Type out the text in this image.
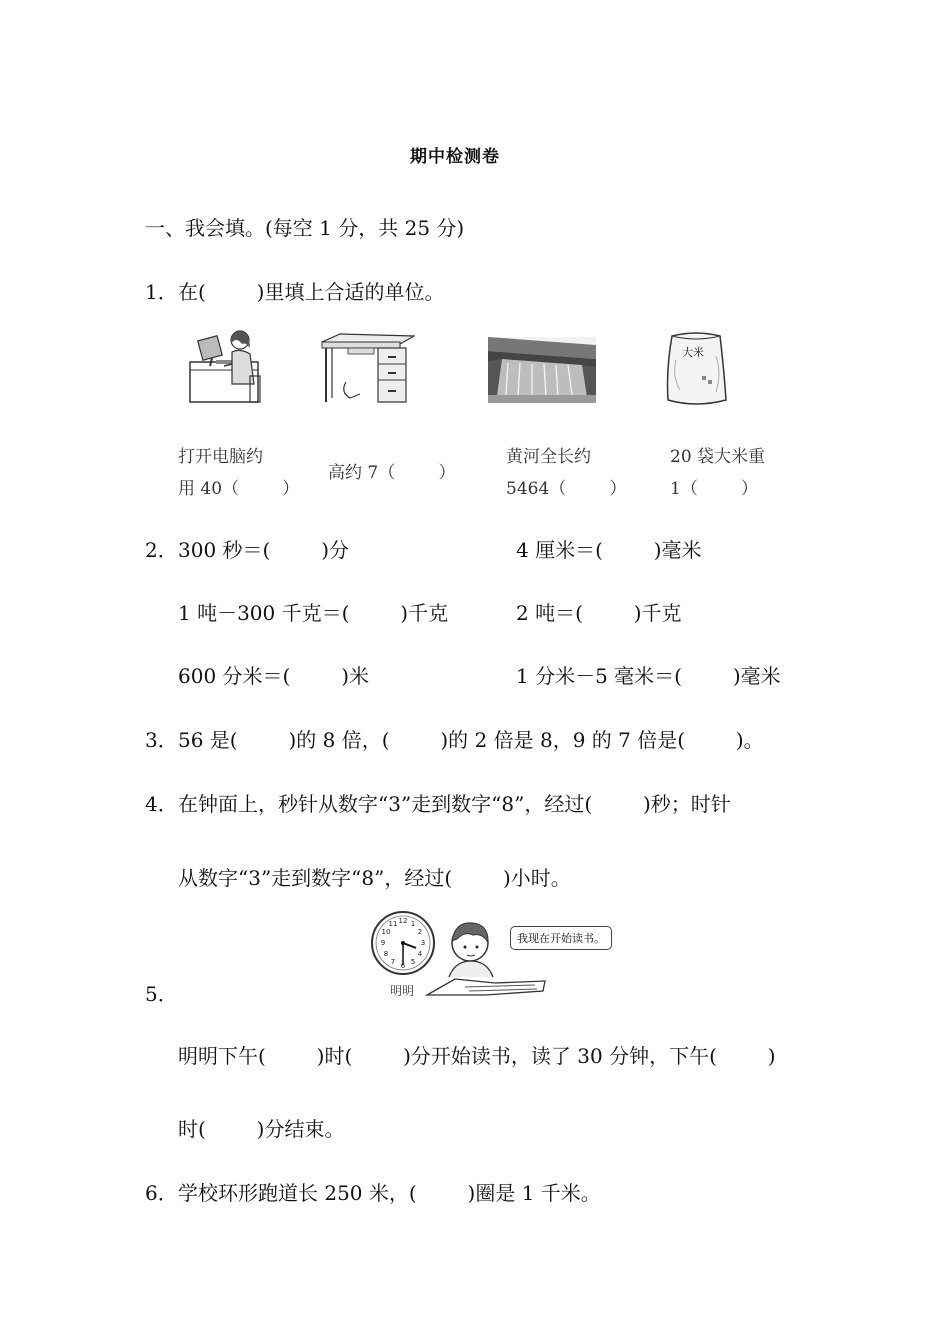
期中检测卷
一、我会填。(每空 1 分，共 25 分)
1． 在(        )里填上合适的单位。
大米
打开电脑约
用 40（        ）
高约 7（        ）
黄河全长约
5464（        ）
20 袋大米重
1（        ）
2． 300 秒＝(        )分	4 厘米＝(        )毫米
1 吨－300 千克＝(        )千克	2 吨＝(        )千克
600 分米＝(        )米	1 分米－5 毫米＝(        )毫米
3． 56 是(        )的 8 倍，(        )的 2 倍是 8，9 的 7 倍是(        )。
4． 在钟面上，秒针从数字“3”走到数字“8”，经过(        )秒；时针
从数字“3”走到数字“8”，经过(        )小时。
5．
12 1
2
3
4
5
6
7
8
9
10
11
明明
我现在开始读书。
明明下午(        )时(        )分开始读书，读了 30 分钟，下午(        )
时(        )分结束。
6． 学校环形跑道长 250 米，(        )圈是 1 千米。
